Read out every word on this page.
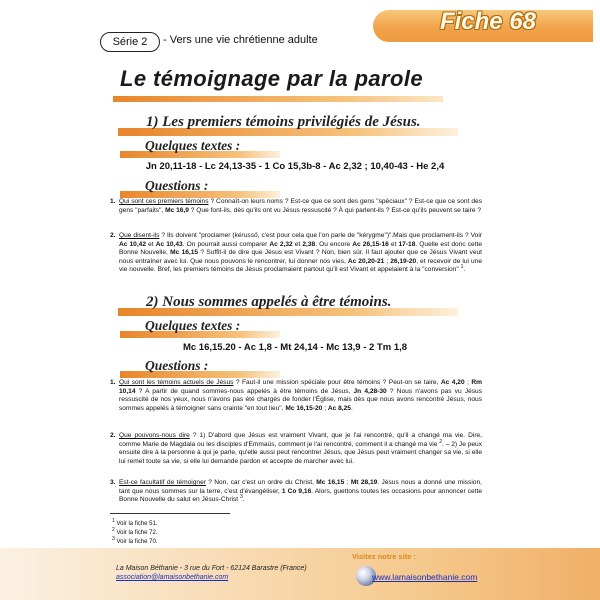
Fiche 68
Série 2	- Vers une vie chrétienne adulte
Le témoignage par la parole
1) Les premiers témoins privilégiés de Jésus.
Quelques textes :
Jn 20,11-18 - Lc 24,13-35 - 1 Co 15,3b-8 - Ac 2,32 ; 10,40-43 - He 2,4
Questions :
1. Qui sont ces premiers témoins ? Connaît-on leurs noms ? Est-ce que ce sont des gens "spéciaux" ? Est-ce que ce sont des gens "parfaits", Mc 16,9 ? Que font-ils, dès qu'ils ont vu Jésus ressuscité ? À qui parlent-ils ? Est-ce qu'ils peuvent se taire ?
2. Que disent-ils ? Ils doivent "proclamer (kérussô, c'est pour cela que l'on parle de "kérygme")".Mais que proclament-ils ? Voir Ac 10,42 et Ac 10,43. On pourrait aussi comparer Ac 2,32 et 2,38. Ou encore Ac 26,15-16 et 17-18. Quelle est donc cette Bonne Nouvelle, Mc 16,15 ? Suffit-il de dire que Jésus est Vivant ? Non, bien sûr. Il faut ajouter que ce Jésus Vivant veut nous entraîner avec lui. Que nous pouvons le rencontrer, lui donner nos vies, Ac 20,20-21 ; 26,19-20, et recevoir de lui une vie nouvelle. Bref, les premiers témoins de Jésus proclamaient partout qu'il est Vivant et appelaient à la "conversion" $^1$.
2) Nous sommes appelés à être témoins.
Quelques textes :
Mc 16,15.20 - Ac 1,8 - Mt 24,14 - Mc 13,9 - 2 Tm 1,8
Questions :
1. Qui sont les témoins actuels de Jésus ? Faut-il une mission spéciale pour être témoins ? Peut-on se taire, Ac 4,20 ; Rm 10,14 ? A partir de quand sommes-nous appelés à être témoins de Jésus, Jn 4,28-30 ? Nous n'avons pas vu Jésus ressuscité de nos yeux, nous n'avons pas été chargés de fonder l'Église, mais dès que nous avons rencontré Jésus, nous sommes appelés à témoigner sans crainte "en tout lieu", Mc 16,15-20 ; Ac 8,25.
2. Que pouvons-nous dire ? 1) D'abord que Jésus est vraiment Vivant, que je l'ai rencontré, qu'il a changé ma vie. Dire, comme Marie de Magdala ou les disciples d'Emmaüs, comment je l'ai rencontré, comment il a changé ma vie $^2$. – 2) Je peux ensuite dire à la personne à qui je parle, qu'elle aussi peut rencontrer Jésus, que Jésus peut vraiment changer sa vie, si elle lui remet toute sa vie, si elle lui demande pardon et accepte de marcher avec lui.
3. Est-ce facultatif de témoigner ? Non, car c'est un ordre du Christ, Mc 16,15 ; Mt 28,19. Jésus nous a donné une mission, tant que nous sommes sur la terre, c'est d'évangéliser, 1 Co 9,16. Alors, guettons toutes les occasions pour annoncer cette Bonne Nouvelle du salut en Jésus-Christ $^3$.
$^1$ Voir la fiche 51.
$^2$ Voir la fiche 72.
$^3$ Voir la fiche 70.
La Maison Béthanie - 3 rue du Fort - 62124 Barastre (France)
association@lamaisonbethanie.com
Visitez notre site :
www.lamaisonbethanie.com
